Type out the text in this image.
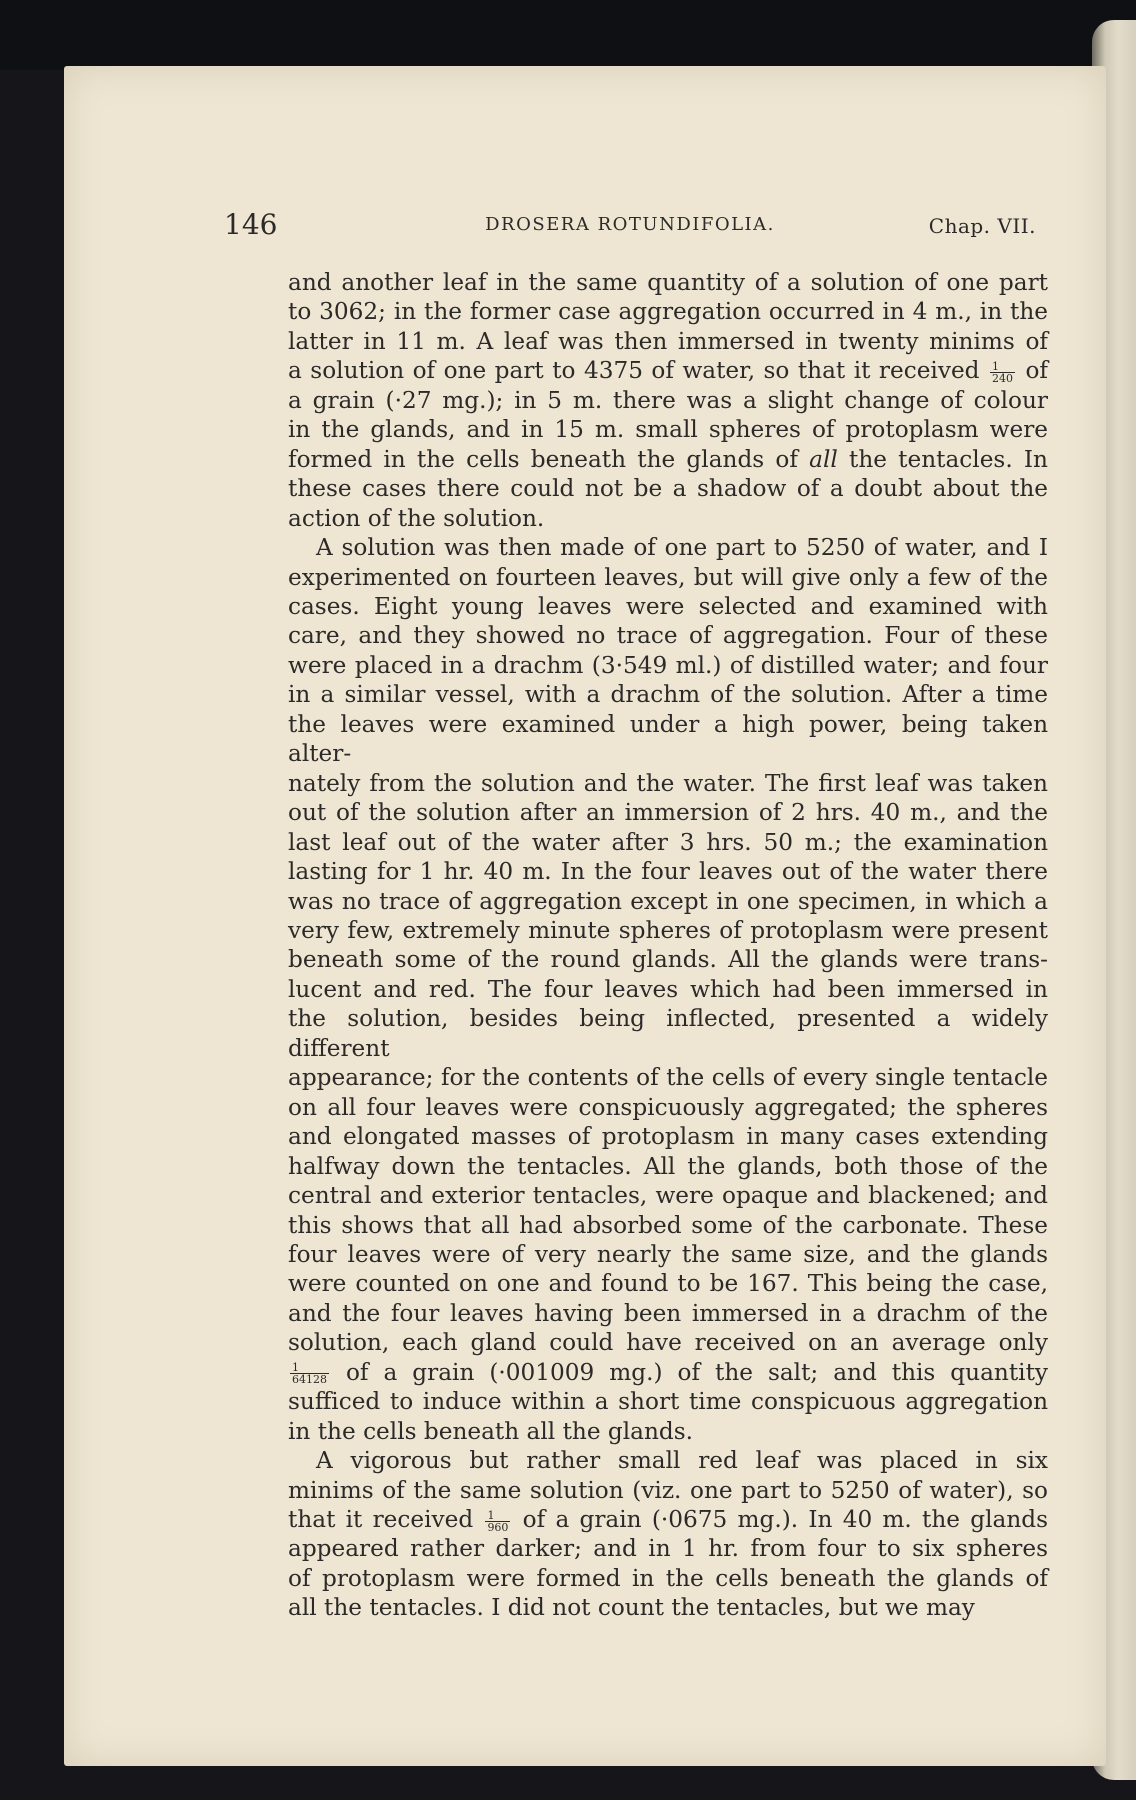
146	DROSERA ROTUNDIFOLIA.	Chap. VII.

and another leaf in the same quantity of a solution of one part
to 3062; in the former case aggregation occurred in 4 m., in the
latter in 11 m. A leaf was then immersed in twenty minims of
a solution of one part to 4375 of water, so that it received $\frac{1}{240}$ of
a grain (·27 mg.); in 5 m. there was a slight change of colour
in the glands, and in 15 m. small spheres of protoplasm were
formed in the cells beneath the glands of all the tentacles. In
these cases there could not be a shadow of a doubt about the
action of the solution.

A solution was then made of one part to 5250 of water, and I
experimented on fourteen leaves, but will give only a few of the
cases. Eight young leaves were selected and examined with
care, and they showed no trace of aggregation. Four of these
were placed in a drachm (3·549 ml.) of distilled water; and four
in a similar vessel, with a drachm of the solution. After a time
the leaves were examined under a high power, being taken alter-
nately from the solution and the water. The first leaf was taken
out of the solution after an immersion of 2 hrs. 40 m., and the
last leaf out of the water after 3 hrs. 50 m.; the examination
lasting for 1 hr. 40 m. In the four leaves out of the water there
was no trace of aggregation except in one specimen, in which a
very few, extremely minute spheres of protoplasm were present
beneath some of the round glands. All the glands were trans-
lucent and red. The four leaves which had been immersed in
the solution, besides being inflected, presented a widely different
appearance; for the contents of the cells of every single tentacle
on all four leaves were conspicuously aggregated; the spheres
and elongated masses of protoplasm in many cases extending
halfway down the tentacles. All the glands, both those of the
central and exterior tentacles, were opaque and blackened; and
this shows that all had absorbed some of the carbonate. These
four leaves were of very nearly the same size, and the glands
were counted on one and found to be 167. This being the case,
and the four leaves having been immersed in a drachm of the
solution, each gland could have received on an average only
$\frac{1}{64128}$ of a grain (·001009 mg.) of the salt; and this quantity
sufficed to induce within a short time conspicuous aggregation
in the cells beneath all the glands.

A vigorous but rather small red leaf was placed in six
minims of the same solution (viz. one part to 5250 of water), so
that it received $\frac{1}{960}$ of a grain (·0675 mg.). In 40 m. the glands
appeared rather darker; and in 1 hr. from four to six spheres
of protoplasm were formed in the cells beneath the glands of
all the tentacles. I did not count the tentacles, but we may
